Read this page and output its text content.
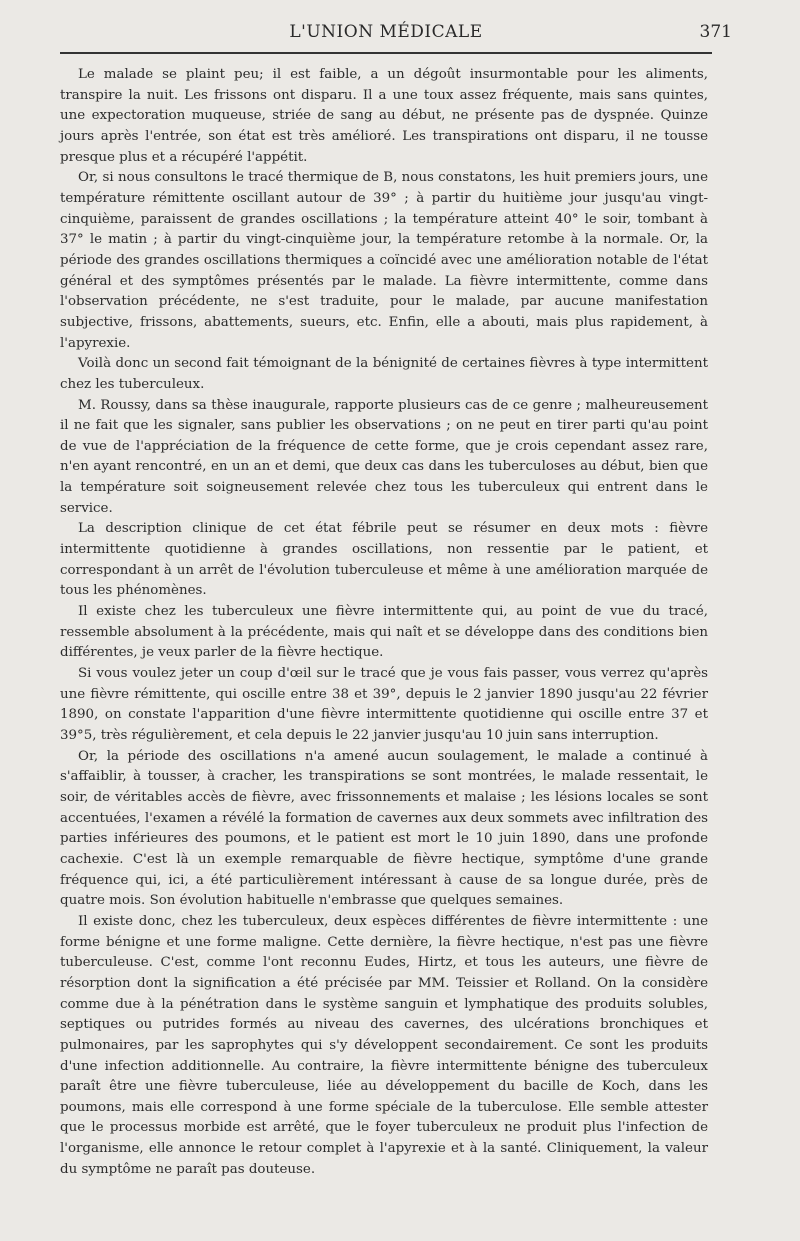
L'UNION MÉDICALE	371

Le malade se plaint peu; il est faible, a un dégoût insurmontable pour les aliments, transpire la nuit. Les frissons ont disparu. Il a une toux assez fréquente, mais sans quintes, une expectoration muqueuse, striée de sang au début, ne présente pas de dyspnée. Quinze jours après l'entrée, son état est très amélioré. Les transpirations ont disparu, il ne tousse presque plus et a récupéré l'appétit.

Or, si nous consultons le tracé thermique de B, nous constatons, les huit premiers jours, une température rémittente oscillant autour de 39° ; à partir du huitième jour jusqu'au vingt-cinquième, paraissent de grandes oscillations ; la température atteint 40° le soir, tombant à 37° le matin ; à partir du vingt-cinquième jour, la température retombe à la normale. Or, la période des grandes oscillations thermiques a coïncidé avec une amélioration notable de l'état général et des symptômes présentés par le malade. La fièvre intermittente, comme dans l'observation précédente, ne s'est traduite, pour le malade, par aucune manifestation subjective, frissons, abattements, sueurs, etc. Enfin, elle a abouti, mais plus rapidement, à l'apyrexie.

Voilà donc un second fait témoignant de la bénignité de certaines fièvres à type intermittent chez les tuberculeux.

M. Roussy, dans sa thèse inaugurale, rapporte plusieurs cas de ce genre ; malheureusement il ne fait que les signaler, sans publier les observations ; on ne peut en tirer parti qu'au point de vue de l'appréciation de la fréquence de cette forme, que je crois cependant assez rare, n'en ayant rencontré, en un an et demi, que deux cas dans les tuberculoses au début, bien que la température soit soigneusement relevée chez tous les tuberculeux qui entrent dans le service.

La description clinique de cet état fébrile peut se résumer en deux mots : fièvre intermittente quotidienne à grandes oscillations, non ressentie par le patient, et correspondant à un arrêt de l'évolution tuberculeuse et même à une amélioration marquée de tous les phénomènes.

Il existe chez les tuberculeux une fièvre intermittente qui, au point de vue du tracé, ressemble absolument à la précédente, mais qui naît et se développe dans des conditions bien différentes, je veux parler de la fièvre hectique.

Si vous voulez jeter un coup d'œil sur le tracé que je vous fais passer, vous verrez qu'après une fièvre rémittente, qui oscille entre 38 et 39°, depuis le 2 janvier 1890 jusqu'au 22 février 1890, on constate l'apparition d'une fièvre intermittente quotidienne qui oscille entre 37 et 39°5, très régulièrement, et cela depuis le 22 janvier jusqu'au 10 juin sans interruption.

Or, la période des oscillations n'a amené aucun soulagement, le malade a continué à s'affaiblir, à tousser, à cracher, les transpirations se sont montrées, le malade ressentait, le soir, de véritables accès de fièvre, avec frissonnements et malaise ; les lésions locales se sont accentuées, l'examen a révélé la formation de cavernes aux deux sommets avec infiltration des parties inférieures des poumons, et le patient est mort le 10 juin 1890, dans une profonde cachexie. C'est là un exemple remarquable de fièvre hectique, symptôme d'une grande fréquence qui, ici, a été particulièrement intéressant à cause de sa longue durée, près de quatre mois. Son évolution habituelle n'embrasse que quelques semaines.

Il existe donc, chez les tuberculeux, deux espèces différentes de fièvre intermittente : une forme bénigne et une forme maligne. Cette dernière, la fièvre hectique, n'est pas une fièvre tuberculeuse. C'est, comme l'ont reconnu Eudes, Hirtz, et tous les auteurs, une fièvre de résorption dont la signification a été précisée par MM. Teissier et Rolland. On la considère comme due à la pénétration dans le système sanguin et lymphatique des produits solubles, septiques ou putrides formés au niveau des cavernes, des ulcérations bronchiques et pulmonaires, par les saprophytes qui s'y développent secondairement. Ce sont les produits d'une infection additionnelle. Au contraire, la fièvre intermittente bénigne des tuberculeux paraît être une fièvre tuberculeuse, liée au développement du bacille de Koch, dans les poumons, mais elle correspond à une forme spéciale de la tuberculose. Elle semble attester que le processus morbide est arrêté, que le foyer tuberculeux ne produit plus l'infection de l'organisme, elle annonce le retour complet à l'apyrexie et à la santé. Cliniquement, la valeur du symptôme ne paraît pas douteuse.
